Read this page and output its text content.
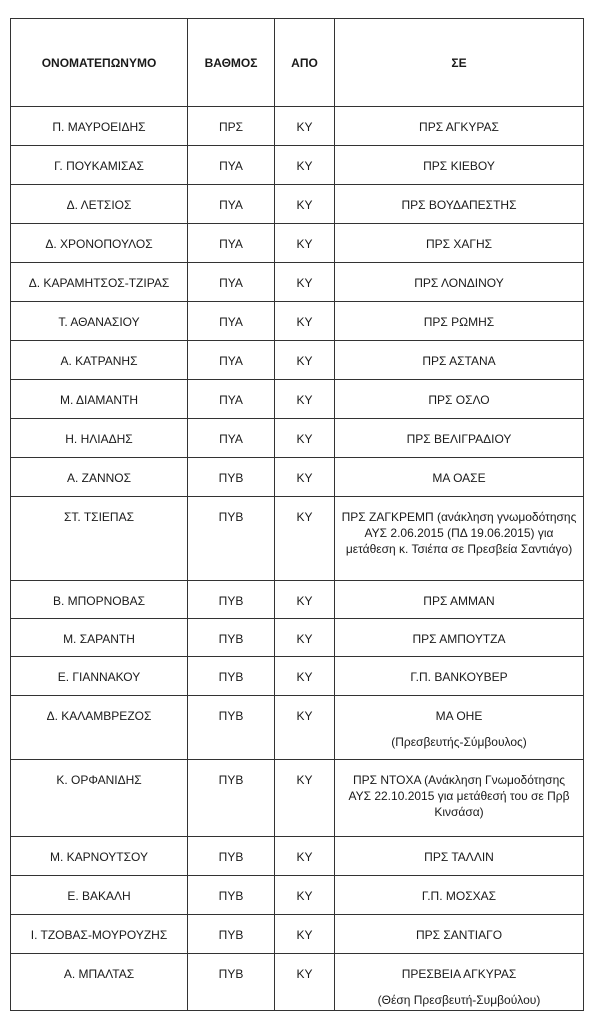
ΟΝΟΜΑΤΕΠΩΝΥΜΟ	ΒΑΘΜΟΣ	ΑΠΟ	ΣΕ

Π. ΜΑΥΡΟΕΙΔΗΣ	ΠΡΣ	ΚΥ	ΠΡΣ ΑΓΚΥΡΑΣ

Γ. ΠΟΥΚΑΜΙΣΑΣ	ΠΥΑ	ΚΥ	ΠΡΣ ΚΙΕΒΟΥ

Δ. ΛΕΤΣΙΟΣ	ΠΥΑ	ΚΥ	ΠΡΣ ΒΟΥΔΑΠΕΣΤΗΣ

Δ. ΧΡΟΝΟΠΟΥΛΟΣ	ΠΥΑ	ΚΥ	ΠΡΣ ΧΑΓΗΣ

Δ. ΚΑΡΑΜΗΤΣΟΣ-ΤΖΙΡΑΣ	ΠΥΑ	ΚΥ	ΠΡΣ ΛΟΝΔΙΝΟΥ

Τ. ΑΘΑΝΑΣΙΟΥ	ΠΥΑ	ΚΥ	ΠΡΣ ΡΩΜΗΣ

Α. ΚΑΤΡΑΝΗΣ	ΠΥΑ	ΚΥ	ΠΡΣ ΑΣΤΑΝΑ

Μ. ΔΙΑΜΑΝΤΗ	ΠΥΑ	ΚΥ	ΠΡΣ ΟΣΛΟ

Η. ΗΛΙΑΔΗΣ	ΠΥΑ	ΚΥ	ΠΡΣ ΒΕΛΙΓΡΑΔΙΟΥ

Α. ΖΑΝΝΟΣ	ΠΥΒ	ΚΥ	ΜΑ ΟΑΣΕ

ΣΤ. ΤΣΙΕΠΑΣ	ΠΥΒ	ΚΥ	ΠΡΣ ΖΑΓΚΡΕΜΠ (ανάκληση γνωμοδότησης ΑΥΣ 2.06.2015 (ΠΔ 19.06.2015) για μετάθεση κ. Τσιέπα σε Πρεσβεία Σαντιάγο)

Β. ΜΠΟΡΝΟΒΑΣ	ΠΥΒ	ΚΥ	ΠΡΣ ΑΜΜΑΝ

Μ. ΣΑΡΑΝΤΗ	ΠΥΒ	ΚΥ	ΠΡΣ ΑΜΠΟΥΤΖΑ

Ε. ΓΙΑΝΝΑΚΟΥ	ΠΥΒ	ΚΥ	Γ.Π. ΒΑΝΚΟΥΒΕΡ

Δ. ΚΑΛΑΜΒΡΕΖΟΣ	ΠΥΒ	ΚΥ	ΜΑ ΟΗΕ
(Πρεσβευτής-Σύμβουλος)

Κ. ΟΡΦΑΝΙΔΗΣ	ΠΥΒ	ΚΥ	ΠΡΣ ΝΤΟΧΑ (Ανάκληση Γνωμοδότησης ΑΥΣ 22.10.2015 για μετάθεσή του σε Πρβ Κινσάσα)

Μ. ΚΑΡΝΟΥΤΣΟΥ	ΠΥΒ	ΚΥ	ΠΡΣ ΤΑΛΛΙΝ

Ε. ΒΑΚΑΛΗ	ΠΥΒ	ΚΥ	Γ.Π. ΜΟΣΧΑΣ

Ι. ΤΖΟΒΑΣ-ΜΟΥΡΟΥΖΗΣ	ΠΥΒ	ΚΥ	ΠΡΣ ΣΑΝΤΙΑΓΟ

Α. ΜΠΑΛΤΑΣ	ΠΥΒ	ΚΥ	ΠΡΕΣΒΕΙΑ ΑΓΚΥΡΑΣ
(Θέση Πρεσβευτή-Συμβούλου)
